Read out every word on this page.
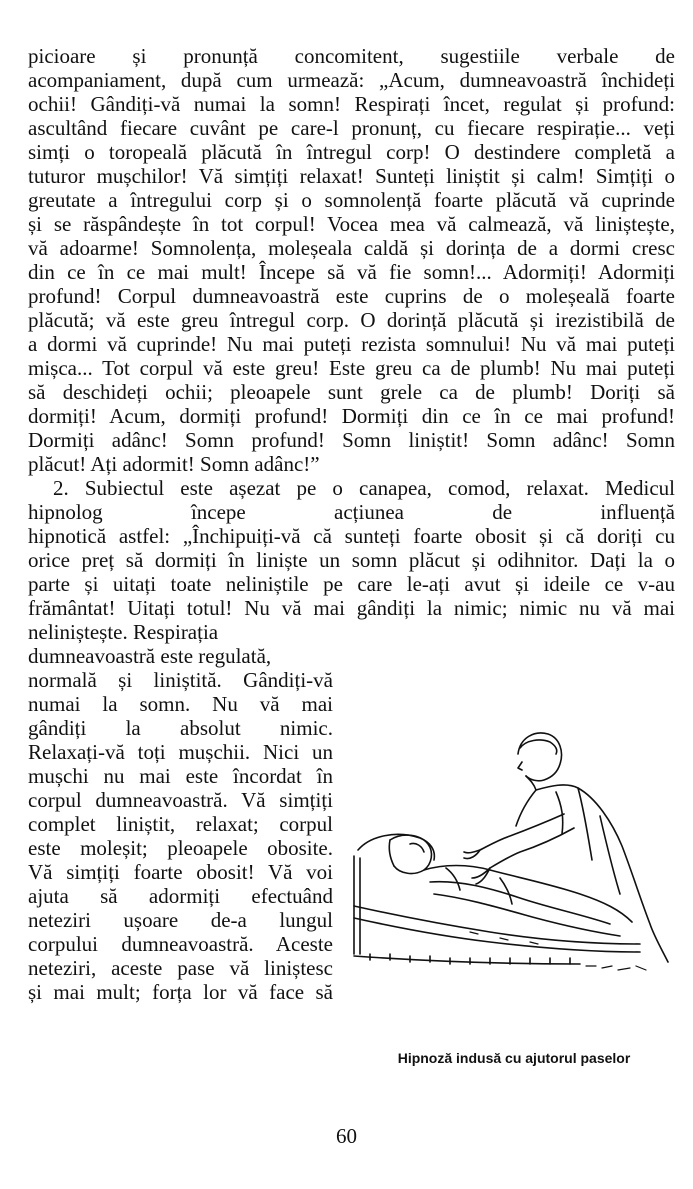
picioare și pronunță concomitent, sugestiile verbale de
acompaniament, după cum urmează: „Acum, dumneavoastră închideți
ochii! Gândiți-vă numai la somn! Respirați încet, regulat și profund:
ascultând fiecare cuvânt pe care-l pronunț, cu fiecare respirație... veți
simți o toropeală plăcută în întregul corp! O destindere completă a
tuturor mușchilor! Vă simțiți relaxat! Sunteți liniștit și calm! Simțiți o
greutate a întregului corp și o somnolență foarte plăcută vă cuprinde
și se răspândește în tot corpul! Vocea mea vă calmează, vă liniștește,
vă adoarme! Somnolența, moleșeala caldă și dorința de a dormi cresc
din ce în ce mai mult! Începe să vă fie somn!... Adormiți! Adormiți
profund! Corpul dumneavoastră este cuprins de o moleșeală foarte
plăcută; vă este greu întregul corp. O dorință plăcută și irezistibilă de
a dormi vă cuprinde! Nu mai puteți rezista somnului! Nu vă mai puteți
mișca... Tot corpul vă este greu! Este greu ca de plumb! Nu mai puteți
să deschideți ochii; pleoapele sunt grele ca de plumb! Doriți să
dormiți! Acum, dormiți profund! Dormiți din ce în ce mai profund!
Dormiți adânc! Somn profund! Somn liniștit! Somn adânc! Somn
plăcut! Ați adormit! Somn adânc!”
2. Subiectul este așezat pe o canapea, comod, relaxat. Medicul
hipnolog începe acțiunea de influență
hipnotică astfel: „Închipuiți-vă că sunteți foarte obosit și că doriți cu
orice preț să dormiți în liniște un somn plăcut și odihnitor. Dați la o
parte și uitați toate neliniștile pe care le-ați avut și ideile ce v-au
frământat! Uitați totul! Nu vă mai gândiți la nimic; nimic nu vă mai
neliniștește. Respirația
dumneavoastră este regulată,
normală și liniștită. Gândiți-vă
numai la somn. Nu vă mai
gândiți la absolut nimic.
Relaxați-vă toți mușchii. Nici un
mușchi nu mai este încordat în
corpul dumneavoastră. Vă simțiți
complet liniștit, relaxat; corpul
este moleșit; pleoapele obosite.
Vă simțiți foarte obosit! Vă voi
ajuta să adormiți efectuând
neteziri ușoare de-a lungul
corpului dumneavoastră. Aceste
neteziri, aceste pase vă liniștesc
și mai mult; forța lor vă face să
Hipnoză indusă cu ajutorul paselor
60
